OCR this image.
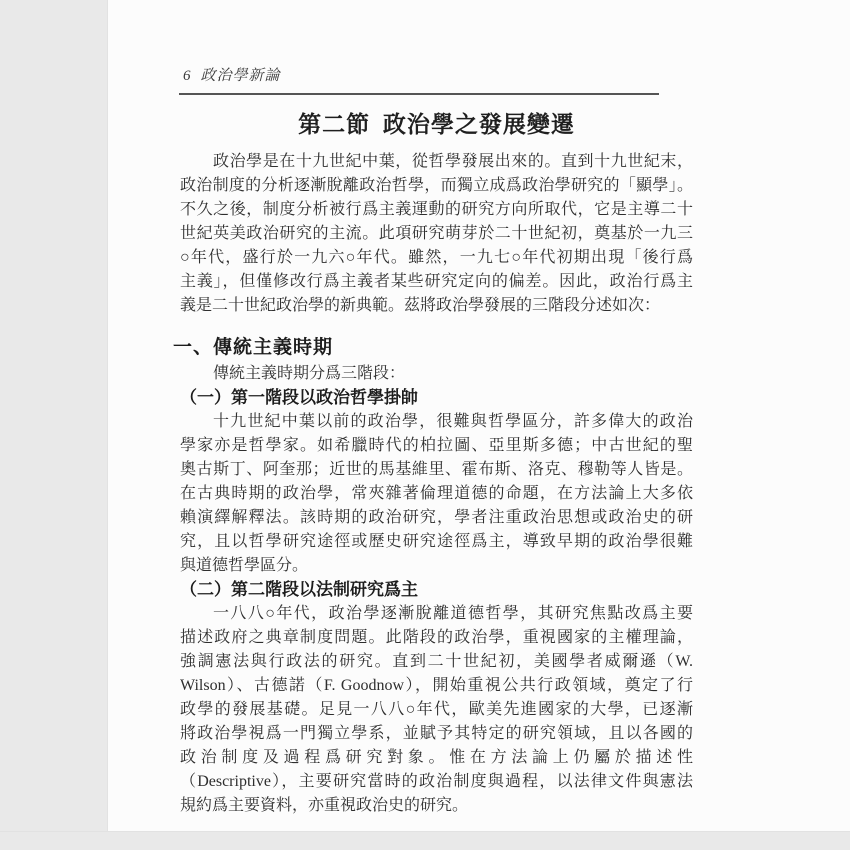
6 政治學新論
第二節 政治學之發展變遷
政治學是在十九世紀中葉，從哲學發展出來的。直到十九世紀末，
政治制度的分析逐漸脫離政治哲學，而獨立成爲政治學研究的「顯學」。
不久之後，制度分析被行爲主義運動的研究方向所取代，它是主導二十
世紀英美政治研究的主流。此項研究萌芽於二十世紀初，奠基於一九三
○年代，盛行於一九六○年代。雖然，一九七○年代初期出現「後行爲
主義」，但僅修改行爲主義者某些研究定向的偏差。因此，政治行爲主
義是二十世紀政治學的新典範。茲將政治學發展的三階段分述如次：
一、傳統主義時期
傳統主義時期分爲三階段：
（一）第一階段以政治哲學掛帥
十九世紀中葉以前的政治學，很難與哲學區分，許多偉大的政治
學家亦是哲學家。如希臘時代的柏拉圖、亞里斯多德；中古世紀的聖
奧古斯丁、阿奎那；近世的馬基維里、霍布斯、洛克、穆勒等人皆是。
在古典時期的政治學，常夾雜著倫理道德的命題，在方法論上大多依
賴演繹解釋法。該時期的政治研究，學者注重政治思想或政治史的研
究，且以哲學研究途徑或歷史研究途徑爲主，導致早期的政治學很難
與道德哲學區分。
（二）第二階段以法制研究爲主
一八八○年代，政治學逐漸脫離道德哲學，其研究焦點改爲主要
描述政府之典章制度問題。此階段的政治學，重視國家的主權理論，
強調憲法與行政法的研究。直到二十世紀初，美國學者威爾遜（W.
Wilson）、古德諾（F. Goodnow），開始重視公共行政領域，奠定了行
政學的發展基礎。足見一八八○年代，歐美先進國家的大學，已逐漸
將政治學視爲一門獨立學系，並賦予其特定的研究領域，且以各國的
政治制度及過程爲研究對象。惟在方法論上仍屬於描述性
（Descriptive），主要研究當時的政治制度與過程，以法律文件與憲法
規約爲主要資料，亦重視政治史的研究。
